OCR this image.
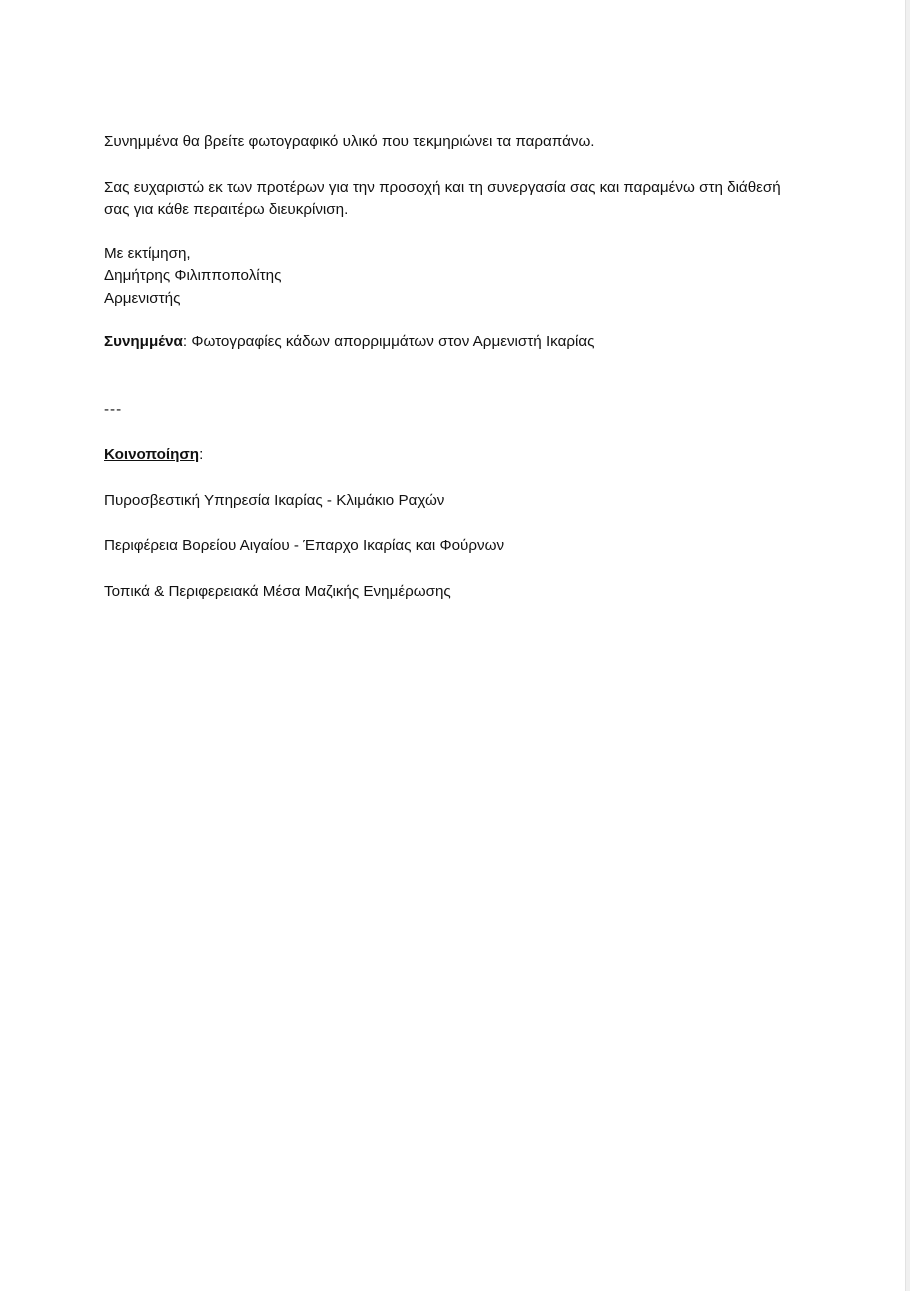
Συνημμένα θα βρείτε φωτογραφικό υλικό που τεκμηριώνει τα παραπάνω.

Σας ευχαριστώ εκ των προτέρων για την προσοχή και τη συνεργασία σας και παραμένω στη διάθεσή σας για κάθε περαιτέρω διευκρίνιση.

Με εκτίμηση,

Δημήτρης Φιλιππoπολίτης

Αρμενιστής

Συνημμένα: Φωτογραφίες κάδων απορριμμάτων στον Αρμενιστή Ικαρίας

---

Κοινοποίηση:

Πυροσβεστική Υπηρεσία Ικαρίας - Κλιμάκιο Ραχών

Περιφέρεια Βορείου Αιγαίου - Έπαρχο Ικαρίας και Φούρνων

Τοπικά & Περιφερειακά Μέσα Μαζικής Ενημέρωσης
